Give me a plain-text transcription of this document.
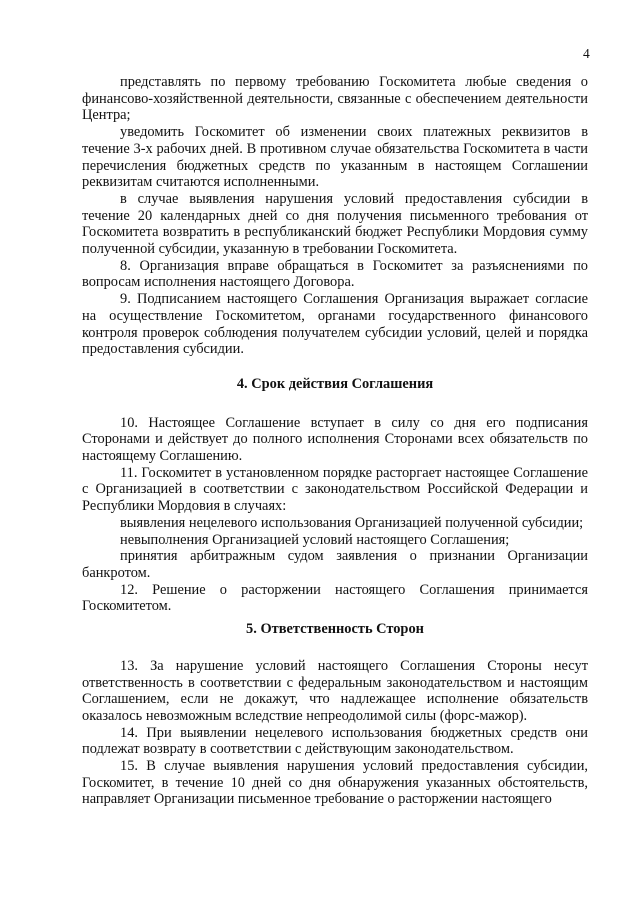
4

представлять по первому требованию Госкомитета любые сведения о финансово-хозяйственной деятельности, связанные с обеспечением деятельности Центра;

уведомить Госкомитет об изменении своих платежных реквизитов в течение 3-х рабочих дней. В противном случае обязательства Госкомитета в части перечисления бюджетных средств по указанным в настоящем Соглашении реквизитам считаются исполненными.

в случае выявления нарушения условий предоставления субсидии в течение 20 календарных дней со дня получения письменного требования от Госкомитета возвратить в республиканский бюджет Республики Мордовия сумму полученной субсидии, указанную в требовании Госкомитета.

8. Организация вправе обращаться в Госкомитет за разъяснениями по вопросам исполнения настоящего Договора.

9. Подписанием настоящего Соглашения Организация выражает согласие на осуществление Госкомитетом, органами государственного финансового контроля проверок соблюдения получателем субсидии условий, целей и порядка предоставления субсидии.

4. Срок действия Соглашения

10. Настоящее Соглашение вступает в силу со дня его подписания Сторонами и действует до полного исполнения Сторонами всех обязательств по настоящему Соглашению.

11. Госкомитет в установленном порядке расторгает настоящее Соглашение с Организацией в соответствии с законодательством Российской Федерации и Республики Мордовия в случаях:

выявления нецелевого использования Организацией полученной субсидии;

невыполнения Организацией условий настоящего Соглашения;

принятия арбитражным судом заявления о признании Организации банкротом.

12. Решение о расторжении настоящего Соглашения принимается Госкомитетом.

5. Ответственность Сторон

13. За нарушение условий настоящего Соглашения Стороны несут ответственность в соответствии с федеральным законодательством и настоящим Соглашением, если не докажут, что надлежащее исполнение обязательств оказалось невозможным вследствие непреодолимой силы (форс-мажор).

14. При выявлении нецелевого использования бюджетных средств они подлежат возврату в соответствии с действующим законодательством.

15. В случае выявления нарушения условий предоставления субсидии, Госкомитет, в течение 10 дней со дня обнаружения указанных обстоятельств, направляет Организации письменное требование о расторжении настоящего
